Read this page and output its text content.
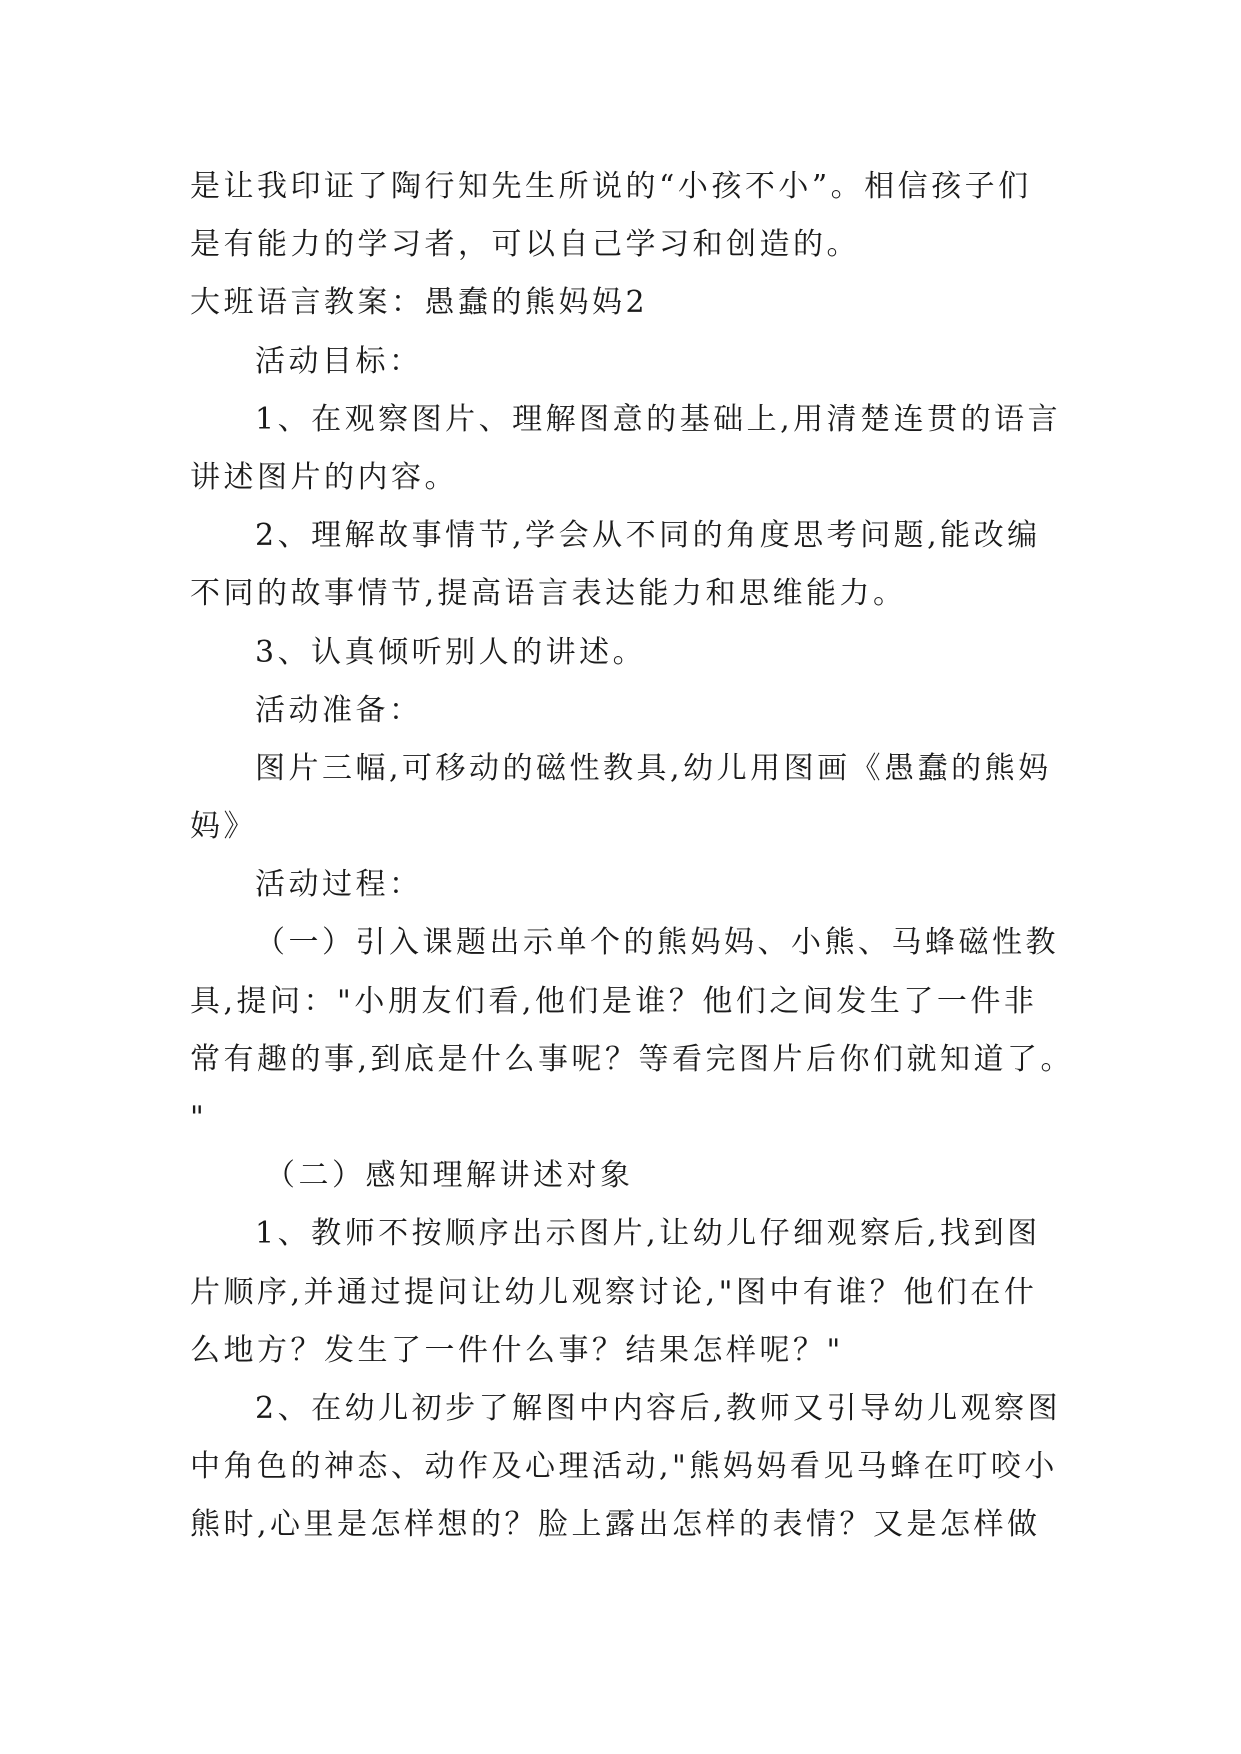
是让我印证了陶行知先生所说的“小孩不小”。相信孩子们
是有能力的学习者，可以自己学习和创造的。
大班语言教案：愚蠢的熊妈妈2
活动目标：
1、在观察图片、理解图意的基础上,用清楚连贯的语言
讲述图片的内容。
2、理解故事情节,学会从不同的角度思考问题,能改编
不同的故事情节,提高语言表达能力和思维能力。
3、认真倾听别人的讲述。
活动准备：
图片三幅,可移动的磁性教具,幼儿用图画《愚蠢的熊妈
妈》
活动过程：
（一）引入课题出示单个的熊妈妈、小熊、马蜂磁性教
具,提问："小朋友们看,他们是谁？他们之间发生了一件非
常有趣的事,到底是什么事呢？等看完图片后你们就知道了。
"
（二）感知理解讲述对象
1、教师不按顺序出示图片,让幼儿仔细观察后,找到图
片顺序,并通过提问让幼儿观察讨论,"图中有谁？他们在什
么地方？发生了一件什么事？结果怎样呢？"
2、在幼儿初步了解图中内容后,教师又引导幼儿观察图
中角色的神态、动作及心理活动,"熊妈妈看见马蜂在叮咬小
熊时,心里是怎样想的？脸上露出怎样的表情？又是怎样做
